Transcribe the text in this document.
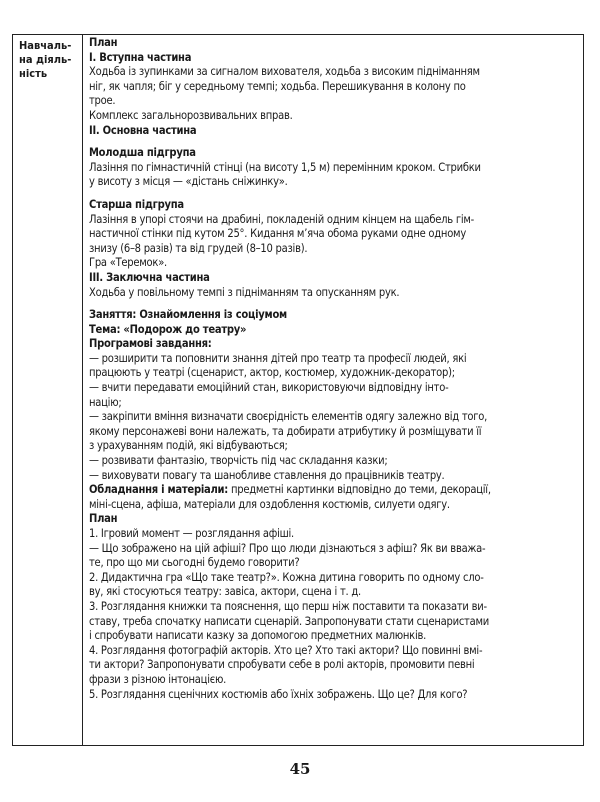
Навчаль-на діяль-ність
План
І. Вступна частина
Ходьба із зупинками за сигналом вихователя, ходьба з високим підніманням
ніг, як чапля; біг у середньому темпі; ходьба. Перешикування в колону по
трое.
Комплекс загальнорозвивальних вправ.
ІІ. Основна частина
Молодша підгрупа
Лазіння по гімнастичній стінці (на висоту 1,5 м) перемінним кроком. Стрибки
у висоту з місця — «дістань сніжинку».
Старша підгрупа
Лазіння в упорі стоячи на драбині, покладеній одним кінцем на щабель гім-
настичної стінки під кутом 25°. Кидання м’яча обома руками одне одному
знизу (6–8 разів) та від грудей (8–10 разів).
Гра «Теремок».
ІІІ. Заключна частина
Ходьба у повільному темпі з підніманням та опусканням рук.
Заняття: Ознайомлення із соціумом
Тема: «Подорож до театру»
Програмові завдання:
— розширити та поповнити знання дітей про театр та професії людей, які
працюють у театрі (сценарист, актор, костюмер, художник-декоратор);
— вчити передавати емоційний стан, використовуючи відповідну інто-
націю;
— закріпити вміння визначати своєрідність елементів одягу залежно від того,
якому персонажеві вони належать, та добирати атрибутику й розміщувати її
з урахуванням подій, які відбуваються;
— розвивати фантазію, творчість під час складання казки;
— виховувати повагу та шанобливе ставлення до працівників театру.
Обладнання і матеріали: предметні картинки відповідно до теми, декорації,
міні-сцена, афіша, матеріали для оздоблення костюмів, силуети одягу.
План
1. Ігровий момент — розглядання афіші.
— Що зображено на цій афіші? Про що люди дізнаються з афіш? Як ви вважа-
те, про що ми сьогодні будемо говорити?
2. Дидактична гра «Що таке театр?». Кожна дитина говорить по одному сло-
ву, які стосуються театру: завіса, актори, сцена і т. д.
3. Розглядання книжки та пояснення, що перш ніж поставити та показати ви-
ставу, треба спочатку написати сценарій. Запропонувати стати сценаристами
і спробувати написати казку за допомогою предметних малюнків.
4. Розглядання фотографій акторів. Хто це? Хто такі актори? Що повинні вмі-
ти актори? Запропонувати спробувати себе в ролі акторів, промовити певні
фрази з різною інтонацією.
5. Розглядання сценічних костюмів або їхніх зображень. Що це? Для кого?
45
